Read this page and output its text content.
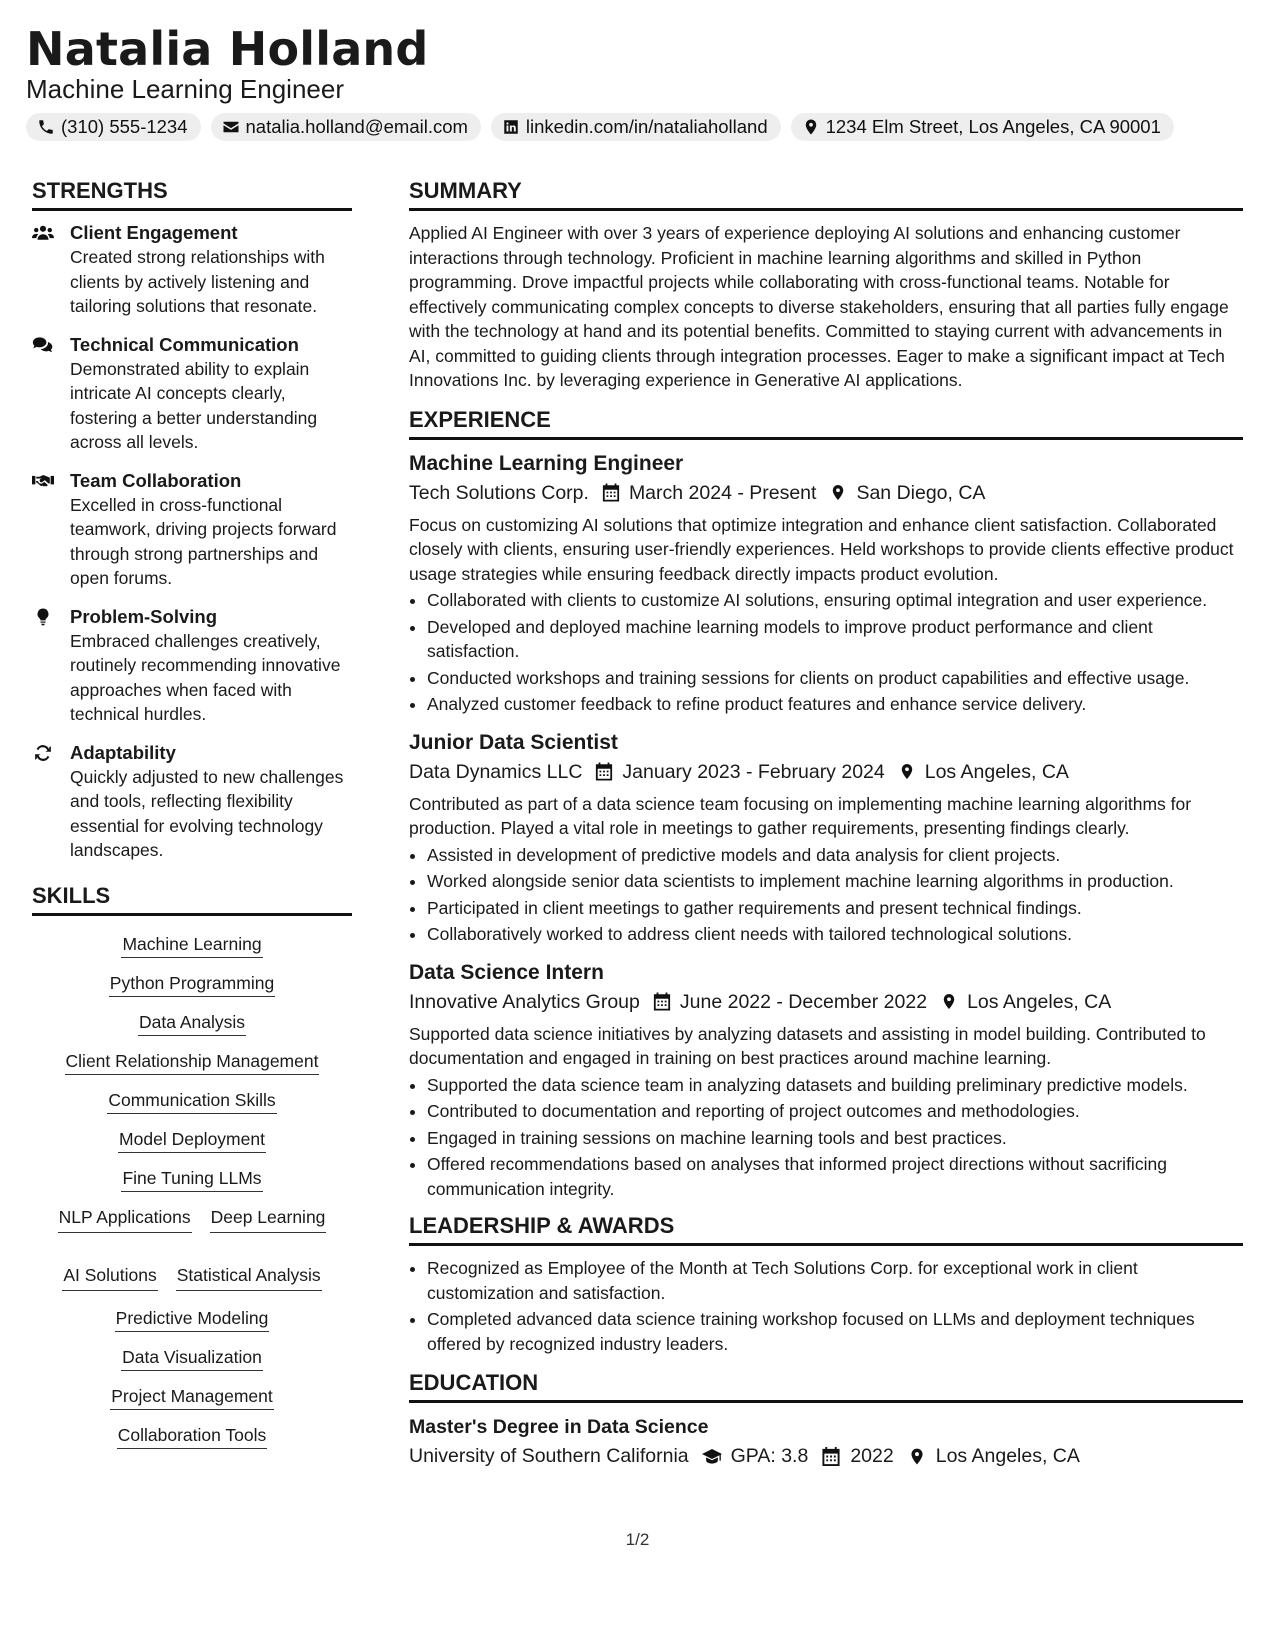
Natalia Holland
Machine Learning Engineer
(310) 555-1234	natalia.holland@email.com	linkedin.com/in/nataliaholland	1234 Elm Street, Los Angeles, CA 90001
STRENGTHS
Client Engagement
Created strong relationships with clients by actively listening and tailoring solutions that resonate.
Technical Communication
Demonstrated ability to explain intricate AI concepts clearly, fostering a better understanding across all levels.
Team Collaboration
Excelled in cross-functional teamwork, driving projects forward through strong partnerships and open forums.
Problem-Solving
Embraced challenges creatively, routinely recommending innovative approaches when faced with technical hurdles.
Adaptability
Quickly adjusted to new challenges and tools, reflecting flexibility essential for evolving technology landscapes.
SKILLS
Machine Learning
Python Programming
Data Analysis
Client Relationship Management
Communication Skills
Model Deployment
Fine Tuning LLMs
NLP Applications Deep Learning
AI Solutions Statistical Analysis
Predictive Modeling
Data Visualization
Project Management
Collaboration Tools
SUMMARY
Applied AI Engineer with over 3 years of experience deploying AI solutions and enhancing customer interactions through technology. Proficient in machine learning algorithms and skilled in Python programming. Drove impactful projects while collaborating with cross-functional teams. Notable for effectively communicating complex concepts to diverse stakeholders, ensuring that all parties fully engage with the technology at hand and its potential benefits. Committed to staying current with advancements in AI, committed to guiding clients through integration processes. Eager to make a significant impact at Tech Innovations Inc. by leveraging experience in Generative AI applications.
EXPERIENCE
Machine Learning Engineer
Tech Solutions Corp. March 2024 - Present San Diego, CA
Focus on customizing AI solutions that optimize integration and enhance client satisfaction. Collaborated closely with clients, ensuring user-friendly experiences. Held workshops to provide clients effective product usage strategies while ensuring feedback directly impacts product evolution.
• Collaborated with clients to customize AI solutions, ensuring optimal integration and user experience.
• Developed and deployed machine learning models to improve product performance and client satisfaction.
• Conducted workshops and training sessions for clients on product capabilities and effective usage.
• Analyzed customer feedback to refine product features and enhance service delivery.
Junior Data Scientist
Data Dynamics LLC January 2023 - February 2024 Los Angeles, CA
Contributed as part of a data science team focusing on implementing machine learning algorithms for production. Played a vital role in meetings to gather requirements, presenting findings clearly.
• Assisted in development of predictive models and data analysis for client projects.
• Worked alongside senior data scientists to implement machine learning algorithms in production.
• Participated in client meetings to gather requirements and present technical findings.
• Collaboratively worked to address client needs with tailored technological solutions.
Data Science Intern
Innovative Analytics Group June 2022 - December 2022 Los Angeles, CA
Supported data science initiatives by analyzing datasets and assisting in model building. Contributed to documentation and engaged in training on best practices around machine learning.
• Supported the data science team in analyzing datasets and building preliminary predictive models.
• Contributed to documentation and reporting of project outcomes and methodologies.
• Engaged in training sessions on machine learning tools and best practices.
• Offered recommendations based on analyses that informed project directions without sacrificing communication integrity.
LEADERSHIP & AWARDS
• Recognized as Employee of the Month at Tech Solutions Corp. for exceptional work in client customization and satisfaction.
• Completed advanced data science training workshop focused on LLMs and deployment techniques offered by recognized industry leaders.
EDUCATION
Master's Degree in Data Science
University of Southern California GPA: 3.8 2022 Los Angeles, CA
1/2
